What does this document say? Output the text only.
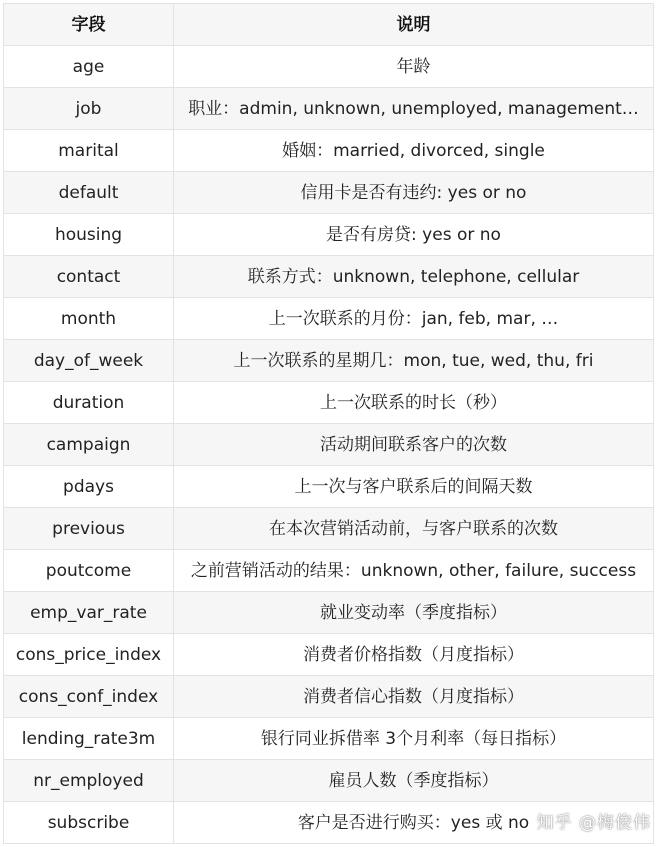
字段	说明
age	年龄
job	职业：admin, unknown, unemployed, management…
marital	婚姻：married, divorced, single
default	信用卡是否有违约: yes or no
housing	是否有房贷: yes or no
contact	联系方式：unknown, telephone, cellular
month	上一次联系的月份：jan, feb, mar, …
day_of_week	上一次联系的星期几：mon, tue, wed, thu, fri
duration	上一次联系的时长（秒）
campaign	活动期间联系客户的次数
pdays	上一次与客户联系后的间隔天数
previous	在本次营销活动前，与客户联系的次数
poutcome	之前营销活动的结果：unknown, other, failure, success
emp_var_rate	就业变动率（季度指标）
cons_price_index	消费者价格指数（月度指标）
cons_conf_index	消费者信心指数（月度指标）
lending_rate3m	银行同业拆借率 3个月利率（每日指标）
nr_employed	雇员人数（季度指标）
subscribe	客户是否进行购买：yes 或 no 知乎 @梅俊伟
